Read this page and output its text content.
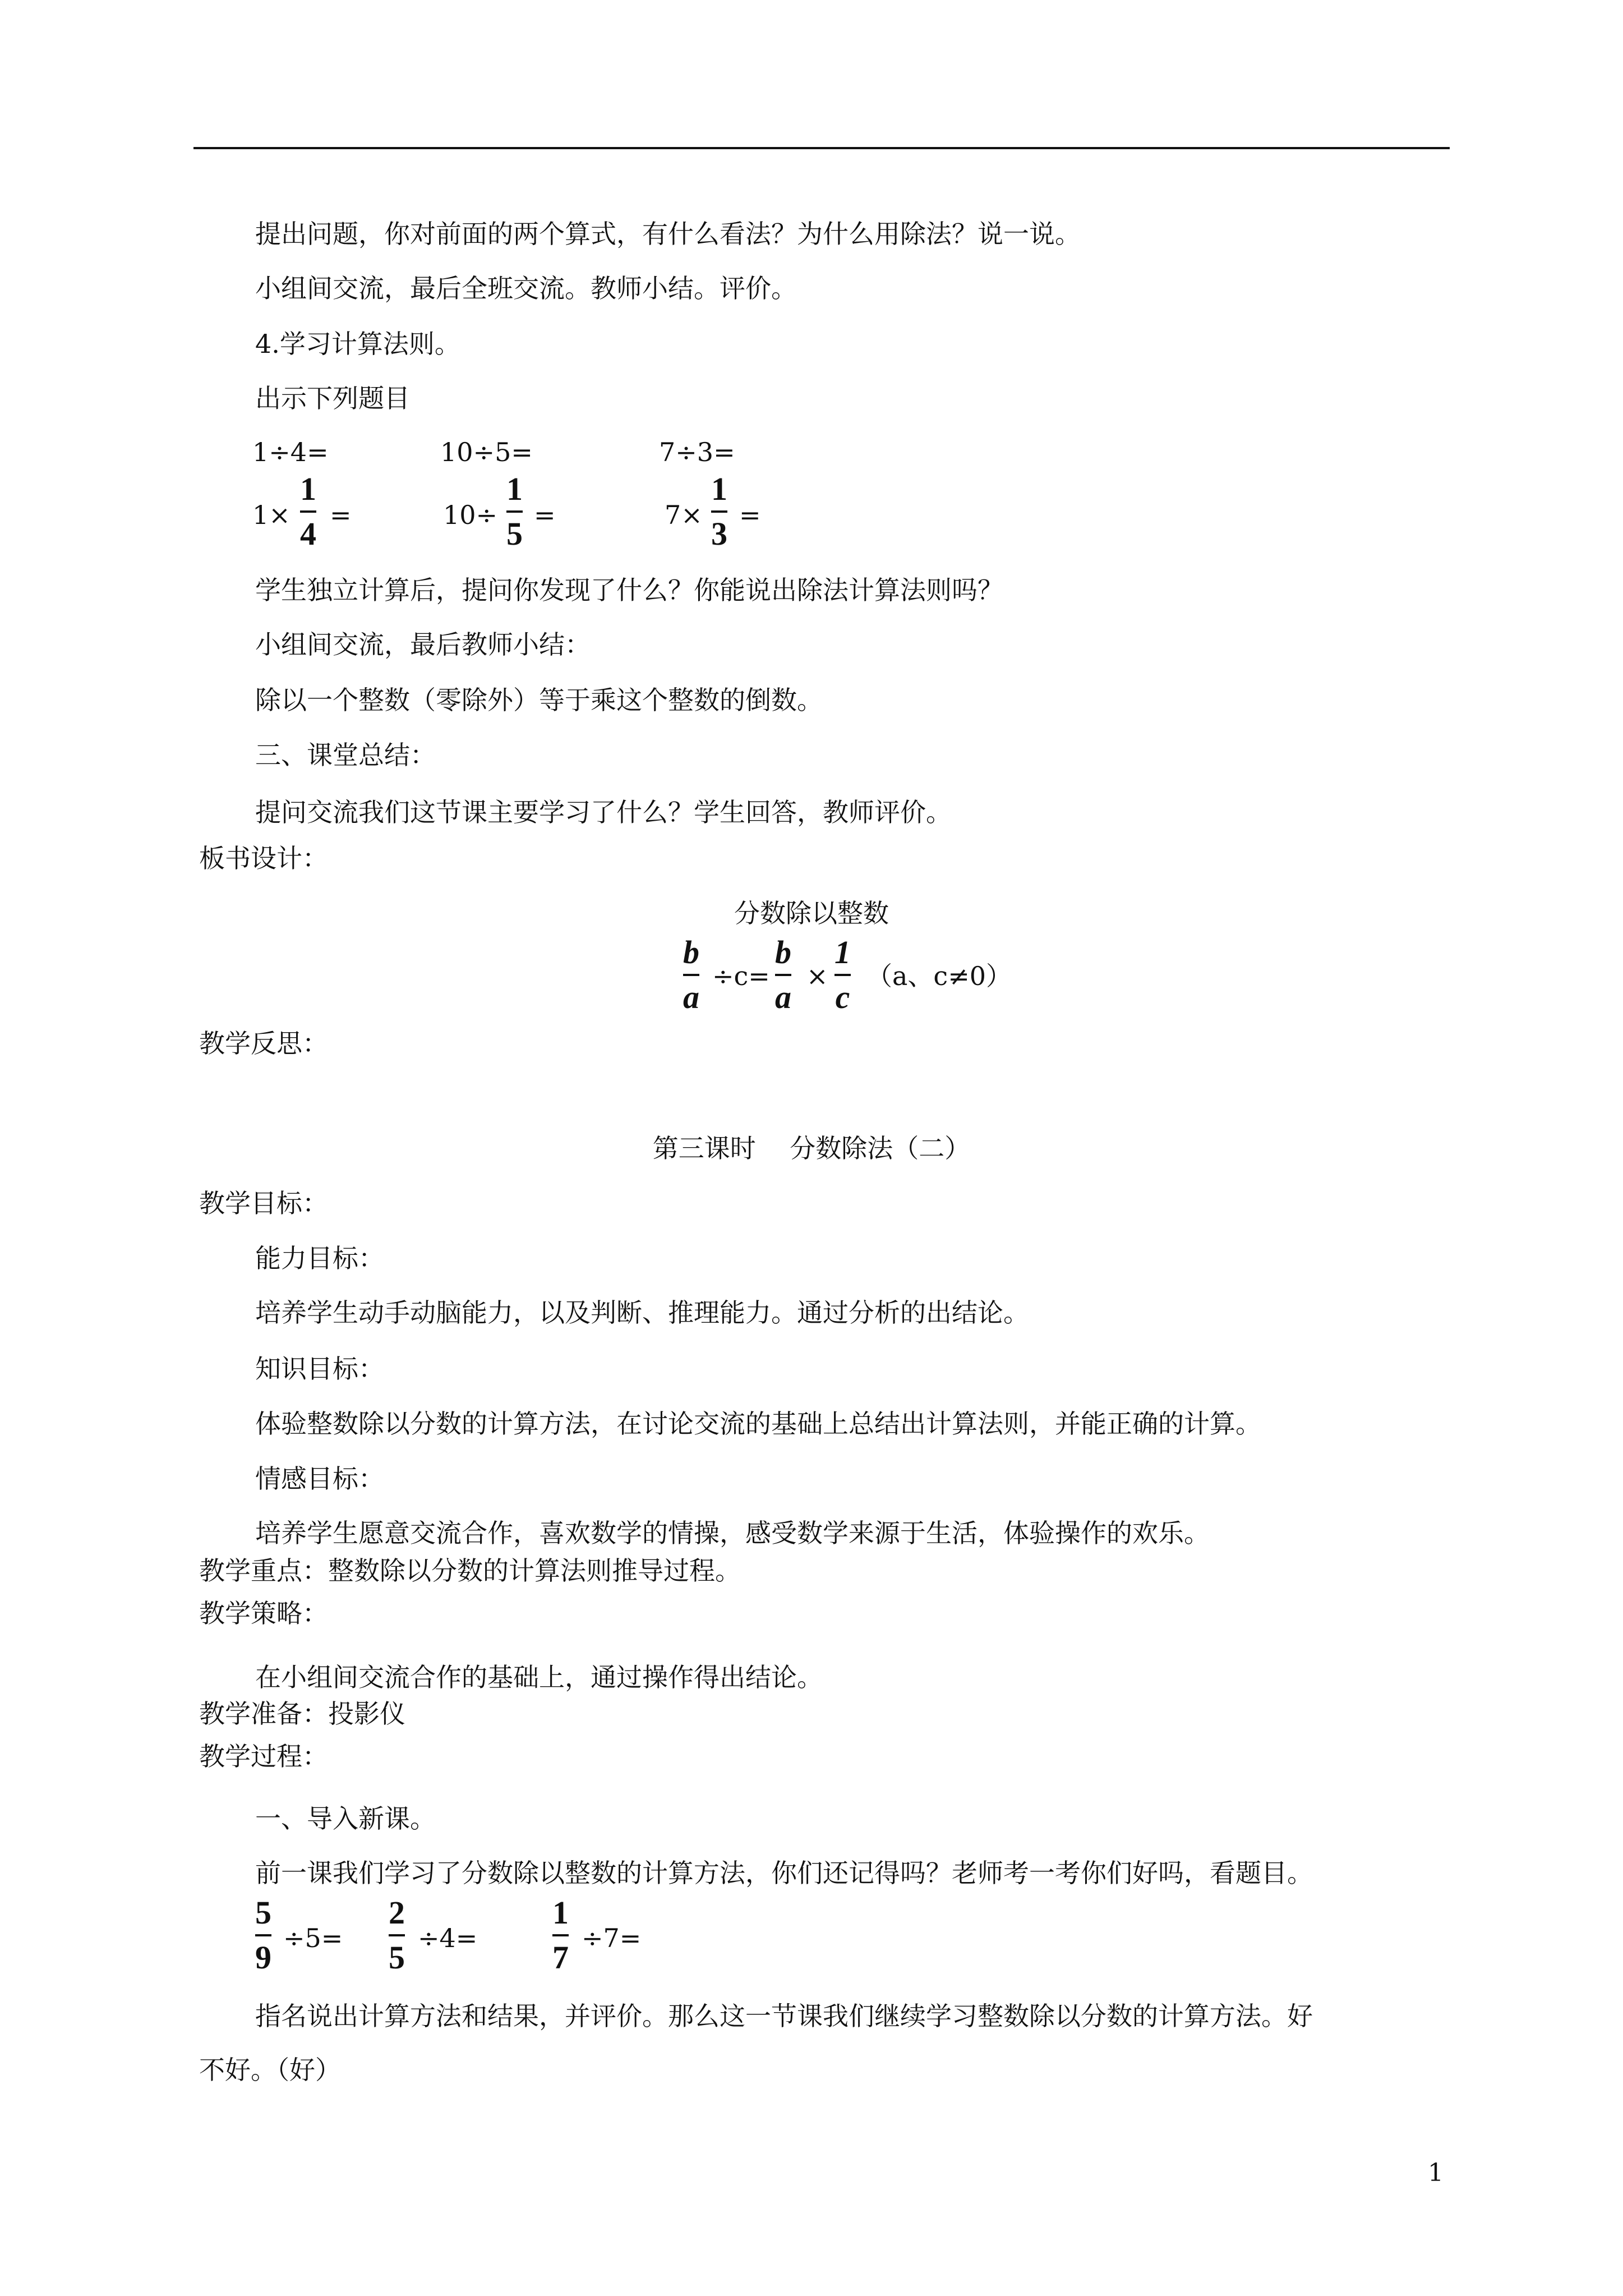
提出问题，你对前面的两个算式，有什么看法？为什么用除法？说一说。
小组间交流，最后全班交流。教师小结。评价。
4.学习计算法则。
出示下列题目
1÷4=	10÷5=	7÷3=
1×
1
4
=	10÷
1
5
=	7×
1
3
=
学生独立计算后，提问你发现了什么？你能说出除法计算法则吗？
小组间交流，最后教师小结：
除以一个整数（零除外）等于乘这个整数的倒数。
三、课堂总结：
提问交流我们这节课主要学习了什么？学生回答，教师评价。
板书设计：
分数除以整数
b
a
÷c=
b
a
×
1
c
（a、c≠0）
教学反思：
第三课时　 分数除法（二）
教学目标：
能力目标：
培养学生动手动脑能力，以及判断、推理能力。通过分析的出结论。
知识目标：
体验整数除以分数的计算方法，在讨论交流的基础上总结出计算法则，并能正确的计算。
情感目标：
培养学生愿意交流合作，喜欢数学的情操，感受数学来源于生活，体验操作的欢乐。
教学重点：整数除以分数的计算法则推导过程。
教学策略：
在小组间交流合作的基础上，通过操作得出结论。
教学准备：投影仪
教学过程：
一、导入新课。
前一课我们学习了分数除以整数的计算方法，你们还记得吗？老师考一考你们好吗，看题目。
5
9
÷5=
2
5
÷4=
1
7
÷7=
指名说出计算方法和结果，并评价。那么这一节课我们继续学习整数除以分数的计算方法。好
不好。（好）
1
